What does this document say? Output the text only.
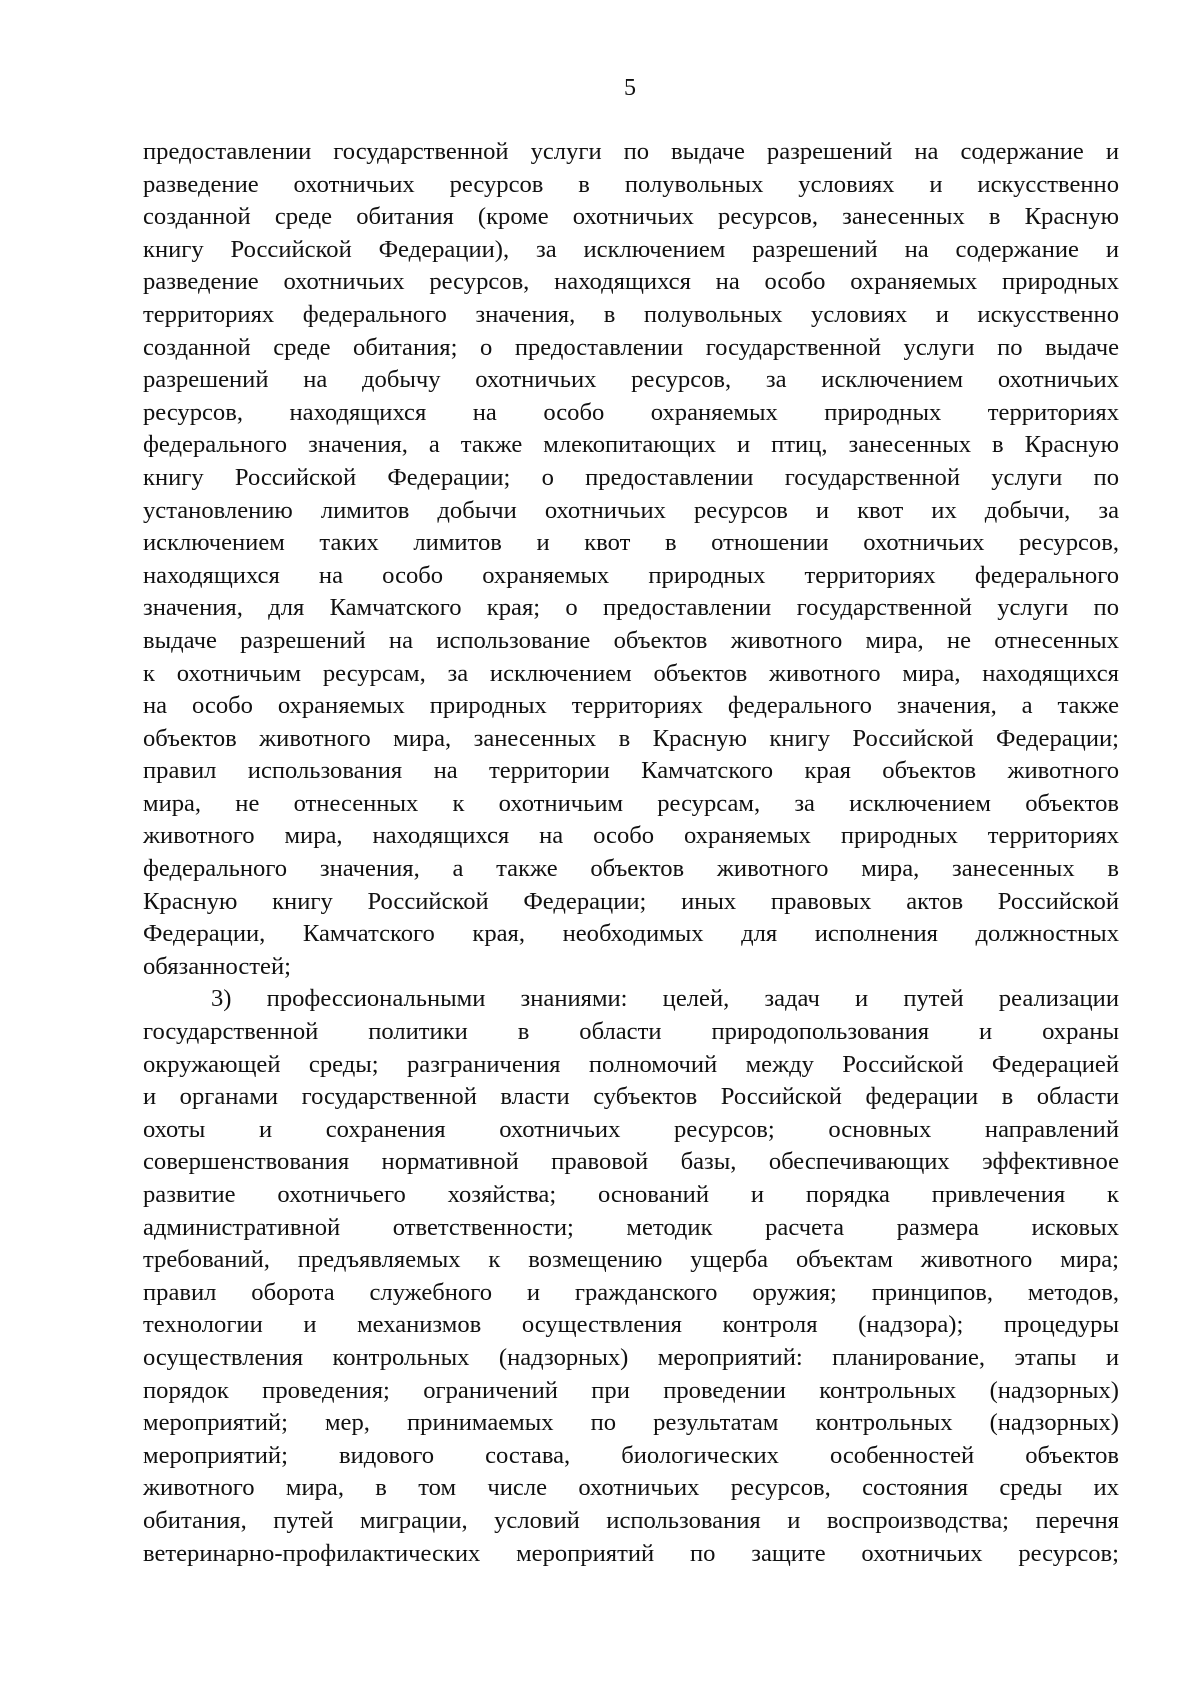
5
предоставлении государственной услуги по выдаче разрешений на содержание и
разведение охотничьих ресурсов в полувольных условиях и искусственно
созданной среде обитания (кроме охотничьих ресурсов, занесенных в Красную
книгу Российской Федерации), за исключением разрешений на содержание и
разведение охотничьих ресурсов, находящихся на особо охраняемых природных
территориях федерального значения, в полувольных условиях и искусственно
созданной среде обитания; о предоставлении государственной услуги по выдаче
разрешений на добычу охотничьих ресурсов, за исключением охотничьих
ресурсов, находящихся на особо охраняемых природных территориях
федерального значения, а также млекопитающих и птиц, занесенных в Красную
книгу Российской Федерации; о предоставлении государственной услуги по
установлению лимитов добычи охотничьих ресурсов и квот их добычи, за
исключением таких лимитов и квот в отношении охотничьих ресурсов,
находящихся на особо охраняемых природных территориях федерального
значения, для Камчатского края; о предоставлении государственной услуги по
выдаче разрешений на использование объектов животного мира, не отнесенных
к охотничьим ресурсам, за исключением объектов животного мира, находящихся
на особо охраняемых природных территориях федерального значения, а также
объектов животного мира, занесенных в Красную книгу Российской Федерации;
правил использования на территории Камчатского края объектов животного
мира, не отнесенных к охотничьим ресурсам, за исключением объектов
животного мира, находящихся на особо охраняемых природных территориях
федерального значения, а также объектов животного мира, занесенных в
Красную книгу Российской Федерации; иных правовых актов Российской
Федерации, Камчатского края, необходимых для исполнения должностных
обязанностей;
3) профессиональными знаниями: целей, задач и путей реализации
государственной политики в области природопользования и охраны
окружающей среды; разграничения полномочий между Российской Федерацией
и органами государственной власти субъектов Российской федерации в области
охоты и сохранения охотничьих ресурсов; основных направлений
совершенствования нормативной правовой базы, обеспечивающих эффективное
развитие охотничьего хозяйства; оснований и порядка привлечения к
административной ответственности; методик расчета размера исковых
требований, предъявляемых к возмещению ущерба объектам животного мира;
правил оборота служебного и гражданского оружия; принципов, методов,
технологии и механизмов осуществления контроля (надзора); процедуры
осуществления контрольных (надзорных) мероприятий: планирование, этапы и
порядок проведения; ограничений при проведении контрольных (надзорных)
мероприятий; мер, принимаемых по результатам контрольных (надзорных)
мероприятий; видового состава, биологических особенностей объектов
животного мира, в том числе охотничьих ресурсов, состояния среды их
обитания, путей миграции, условий использования и воспроизводства; перечня
ветеринарно-профилактических мероприятий по защите охотничьих ресурсов;
